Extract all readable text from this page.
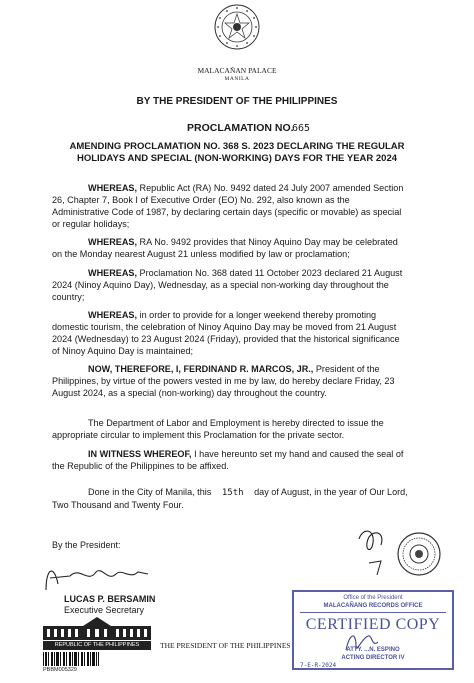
MALACAÑAN PALACE
MANILA
BY THE PRESIDENT OF THE PHILIPPINES
PROCLAMATION NO.
665
AMENDING PROCLAMATION NO. 368 S. 2023 DECLARING THE REGULAR
HOLIDAYS AND SPECIAL (NON-WORKING) DAYS FOR THE YEAR 2024
WHEREAS, Republic Act (RA) No. 9492 dated 24 July 2007 amended Section
26, Chapter 7, Book I of Executive Order (EO) No. 292, also known as the
Administrative Code of 1987, by declaring certain days (specific or movable) as special
or regular holidays;
WHEREAS, RA No. 9492 provides that Ninoy Aquino Day may be celebrated
on the Monday nearest August 21 unless modified by law or proclamation;
WHEREAS, Proclamation No. 368 dated 11 October 2023 declared 21 August
2024 (Ninoy Aquino Day), Wednesday, as a special non-working day throughout the
country;
WHEREAS, in order to provide for a longer weekend thereby promoting
domestic tourism, the celebration of Ninoy Aquino Day may be moved from 21 August
2024 (Wednesday) to 23 August 2024 (Friday), provided that the historical significance
of Ninoy Aquino Day is maintained;
NOW, THEREFORE, I, FERDINAND R. MARCOS, JR., President of the
Philippines, by virtue of the powers vested in me by law, do hereby declare Friday, 23
August 2024, as a special (non-working) day throughout the country.
The Department of Labor and Employment is hereby directed to issue the
appropriate circular to implement this Proclamation for the private sector.
IN WITNESS WHEREOF, I have hereunto set my hand and caused the seal of
the Republic of the Philippines to be affixed.
Done in the City of Manila, this 15th day of August, in the year of Our Lord,
Two Thousand and Twenty Four.
By the President:
LUCAS P. BERSAMIN
Executive Secretary
REPUBLIC OF THE PHILIPPINES
PBBM005329
THE PRESIDENT OF THE PHILIPPINES
Office of the President
MALACAÑANG RECORDS OFFICE
CERTIFIED COPY
ATTY. ...N. ESPINO
ACTING DIRECTOR IV
7-E-R-2024
